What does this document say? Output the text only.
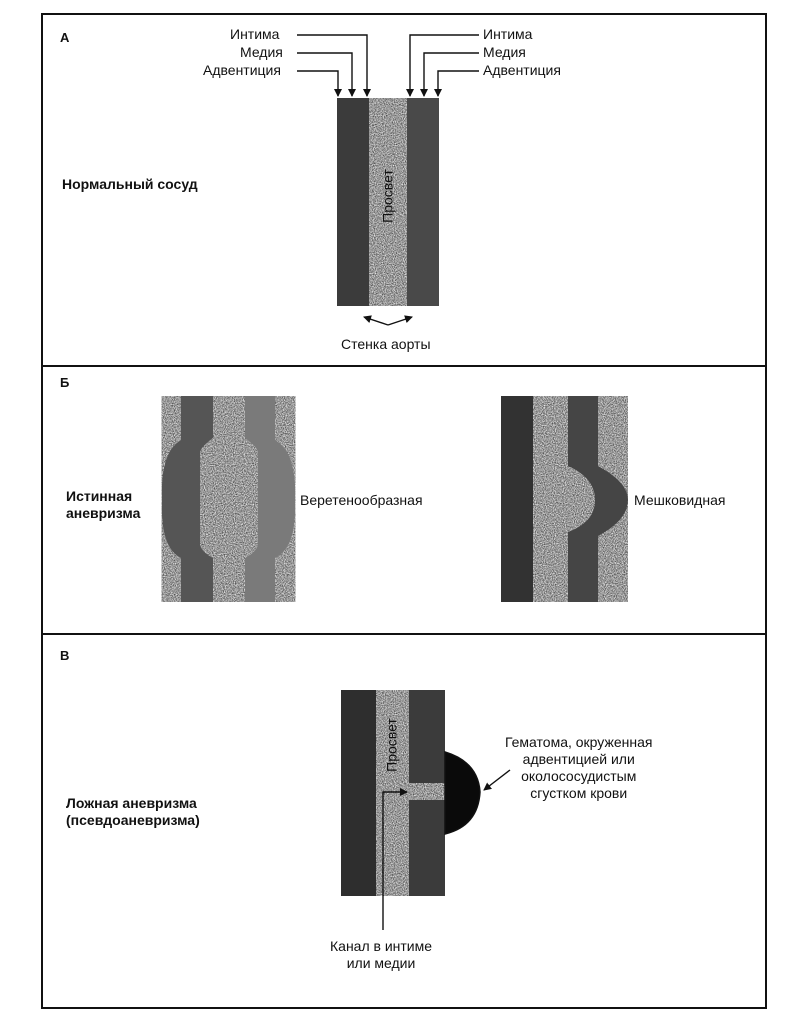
А
Нормальный сосуд
Интима
Медия
Адвентиция
Интима
Медия
Адвентиция
Просвет
Стенка аорты
Б
Истинная
аневризма
Веретенообразная	Мешковидная
В
Ложная аневризма
(псевдоаневризма)
Просвет	Гематома, окруженная
адвентицией или
околососудистым
сгустком крови
Канал в интиме
или медии
